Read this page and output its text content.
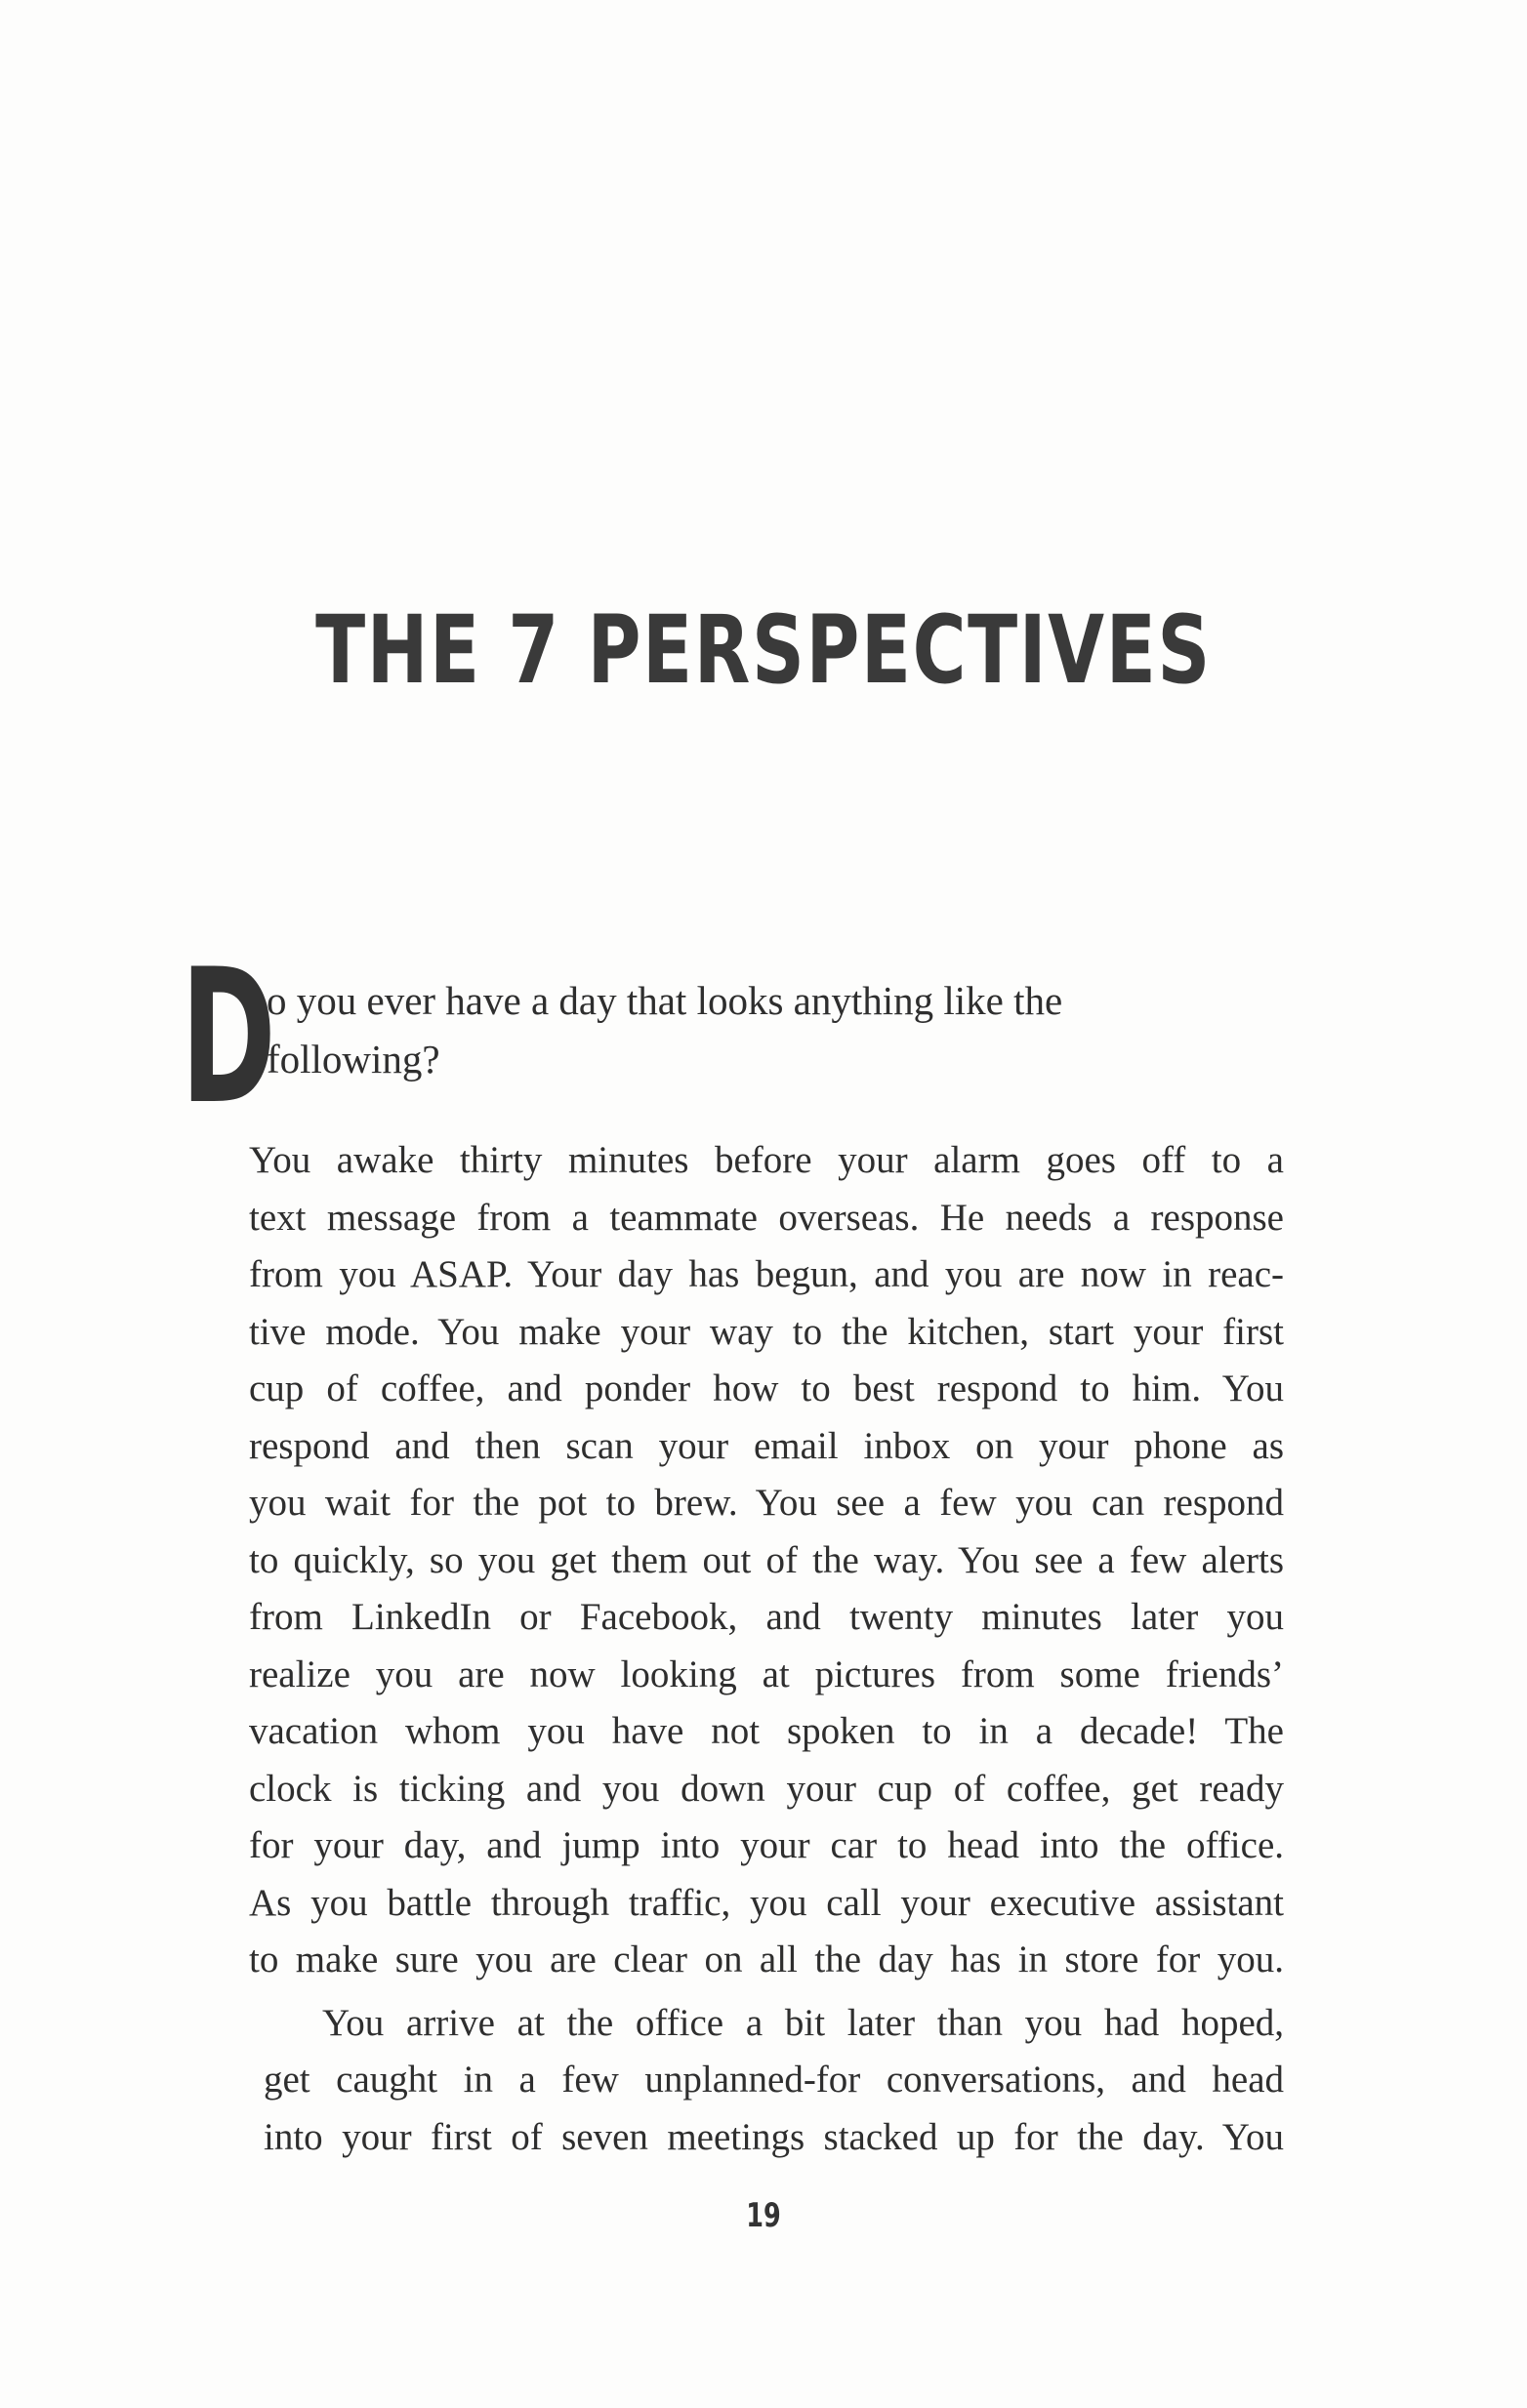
THE 7 PERSPECTIVES
D

o you ever have a day that looks anything like the

following?

You awake thirty minutes before your alarm goes off to a
text message from a teammate overseas. He needs a response
from you ASAP. Your day has begun, and you are now in reac-
tive mode. You make your way to the kitchen, start your first
cup of coffee, and ponder how to best respond to him. You
respond and then scan your email inbox on your phone as
you wait for the pot to brew. You see a few you can respond
to quickly, so you get them out of the way. You see a few alerts
from LinkedIn or Facebook, and twenty minutes later you
realize you are now looking at pictures from some friends’
vacation whom you have not spoken to in a decade! The
clock is ticking and you down your cup of coffee, get ready
for your day, and jump into your car to head into the office.
As you battle through traffic, you call your executive assistant
to make sure you are clear on all the day has in store for you.
You arrive at the office a bit later than you had hoped,
get caught in a few unplanned-for conversations, and head
into your first of seven meetings stacked up for the day. You
19
